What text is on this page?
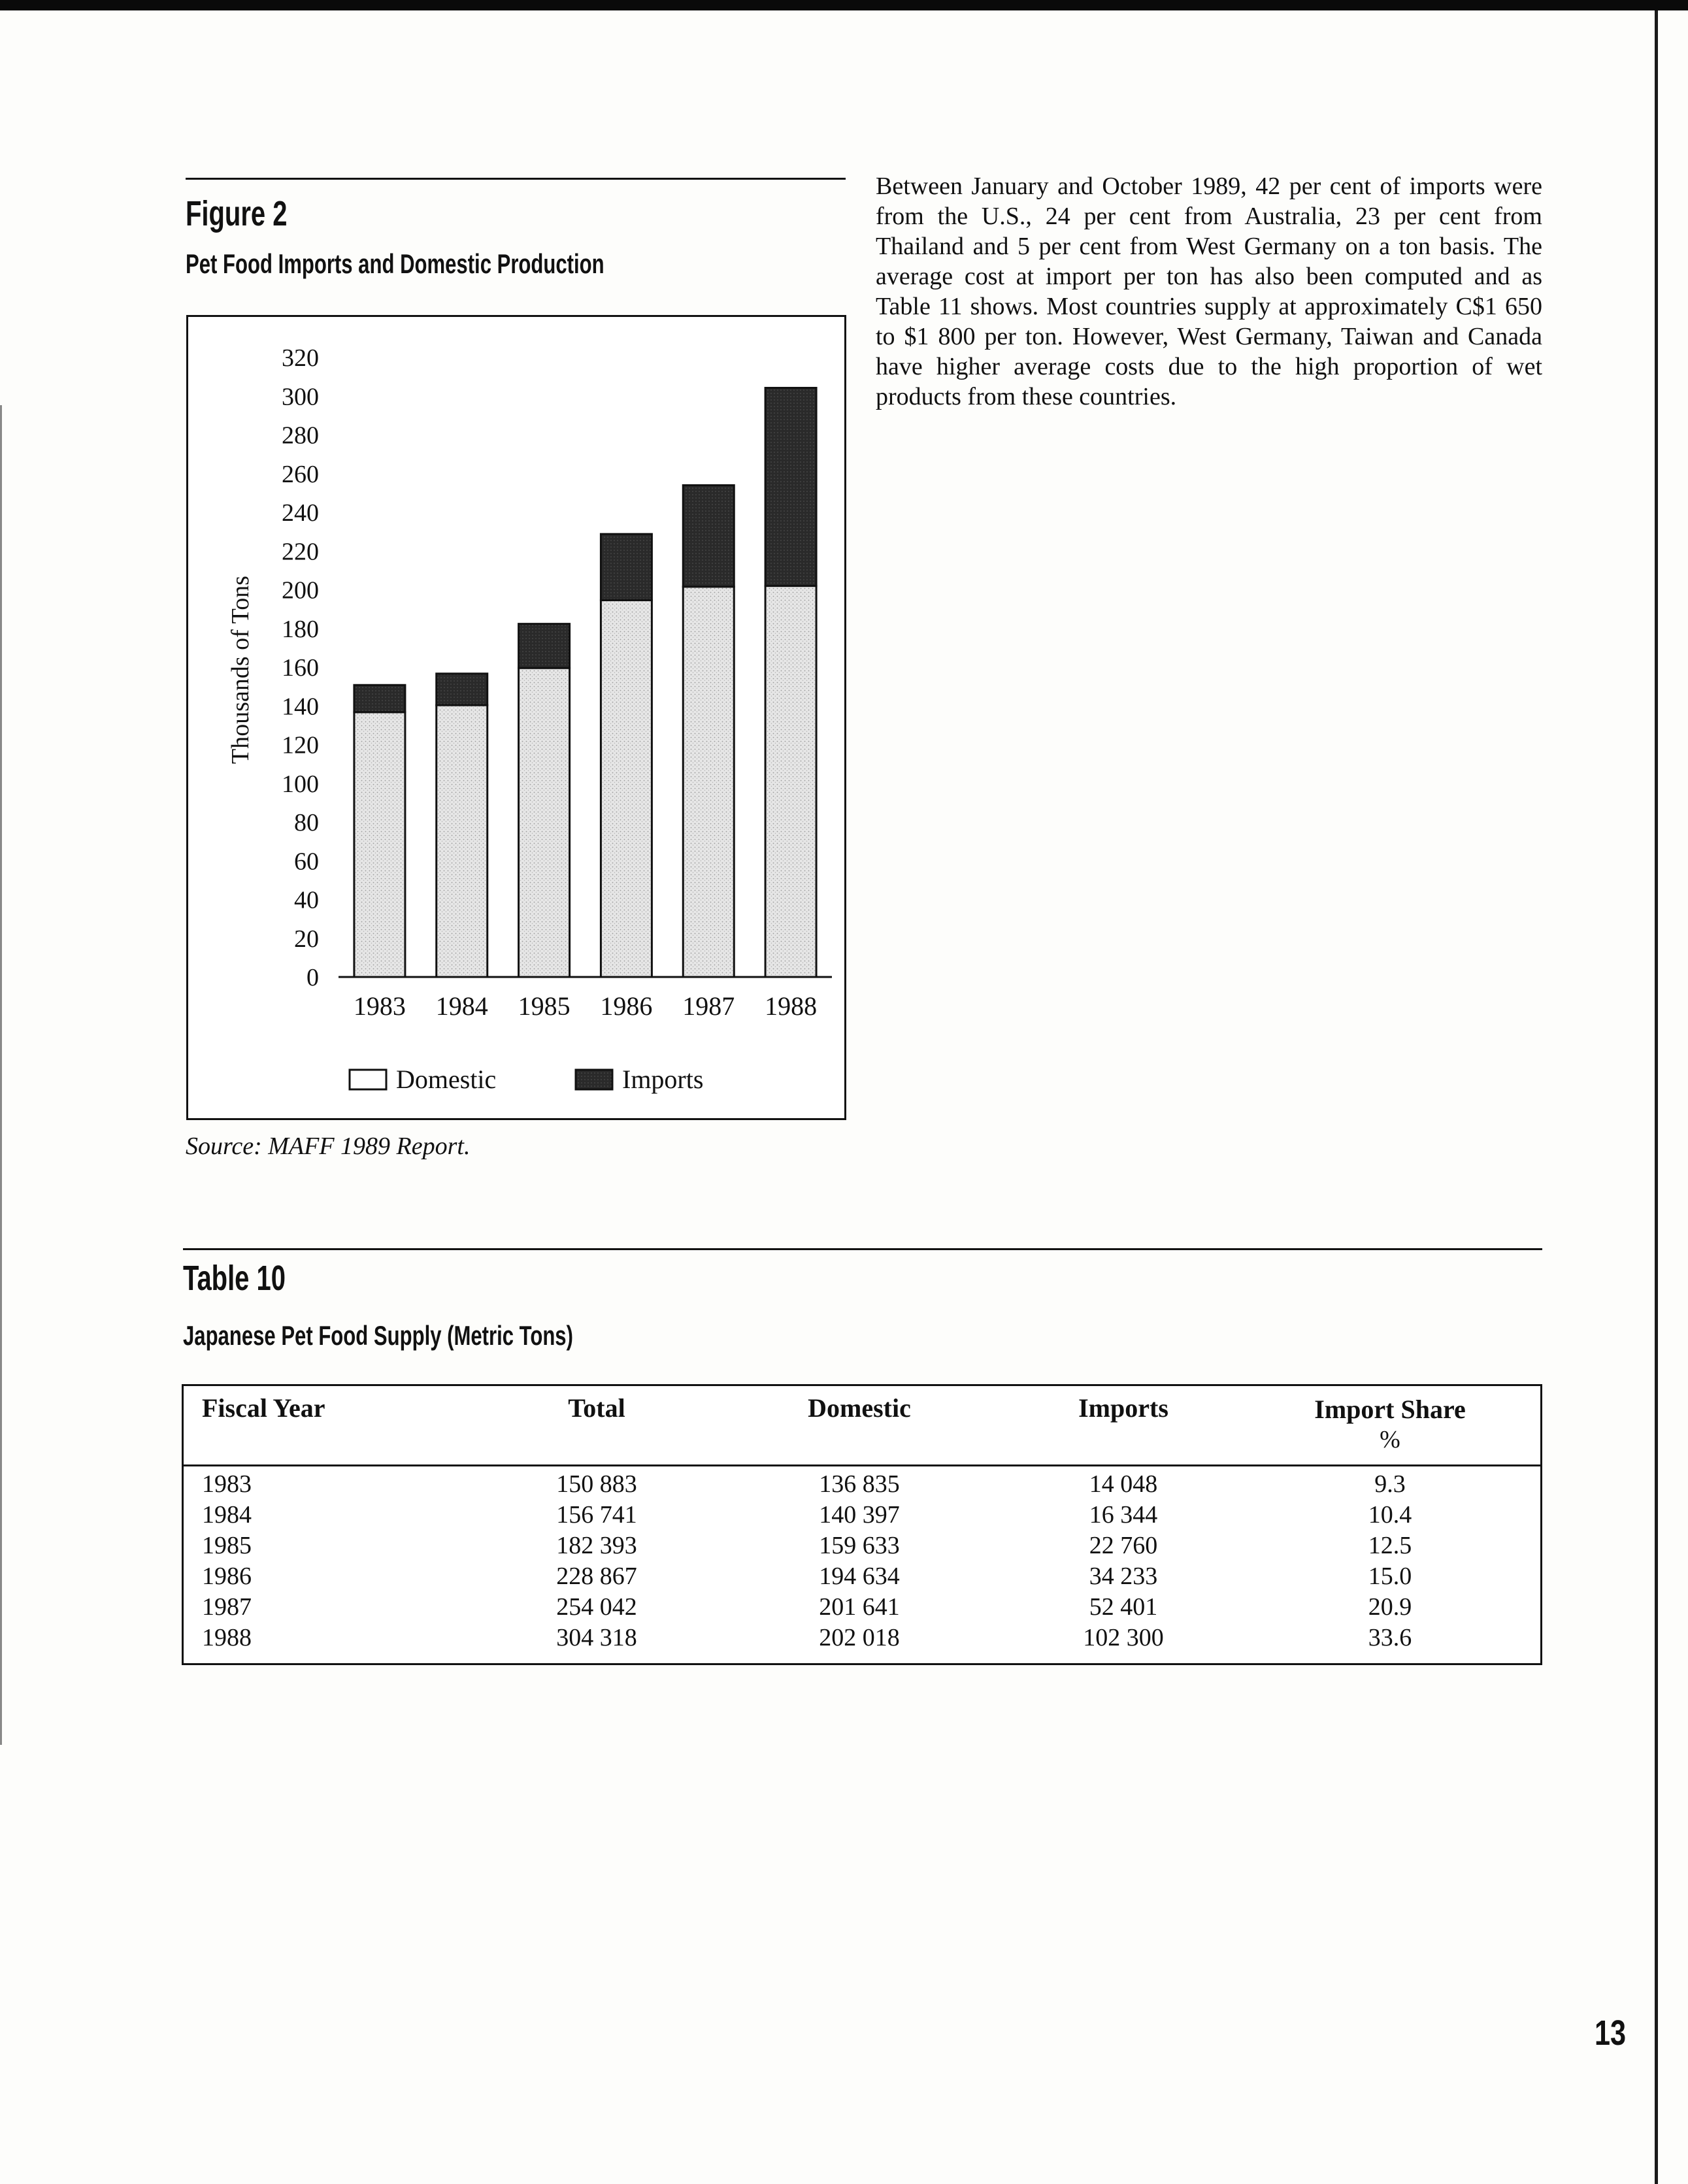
Figure 2
Pet Food Imports and Domestic Production
0
20
40
60
80
100
120
140
160
180
200
220
240
260
280
300
320
Thousands of Tons
1983 1984 1985 1986 1987 1988
Domestic	Imports
Source: MAFF 1989 Report.
Between January and October 1989, 42 per cent of imports were from the U.S., 24 per cent from Australia, 23 per cent from Thailand and 5 per cent from West Germany on a ton basis. The average cost at import per ton has also been computed and as Table 11 shows. Most countries supply at approximately C$1 650 to $1 800 per ton. However, West Germany, Taiwan and Canada have higher average costs due to the high proportion of wet products from these countries.
Table 10
Japanese Pet Food Supply (Metric Tons)
Fiscal Year	Total	Domestic	Imports	Import Share
%
1983	150 883	136 835	14 048	9.3
1984	156 741	140 397	16 344	10.4
1985	182 393	159 633	22 760	12.5
1986	228 867	194 634	34 233	15.0
1987	254 042	201 641	52 401	20.9
1988	304 318	202 018	102 300	33.6
13
